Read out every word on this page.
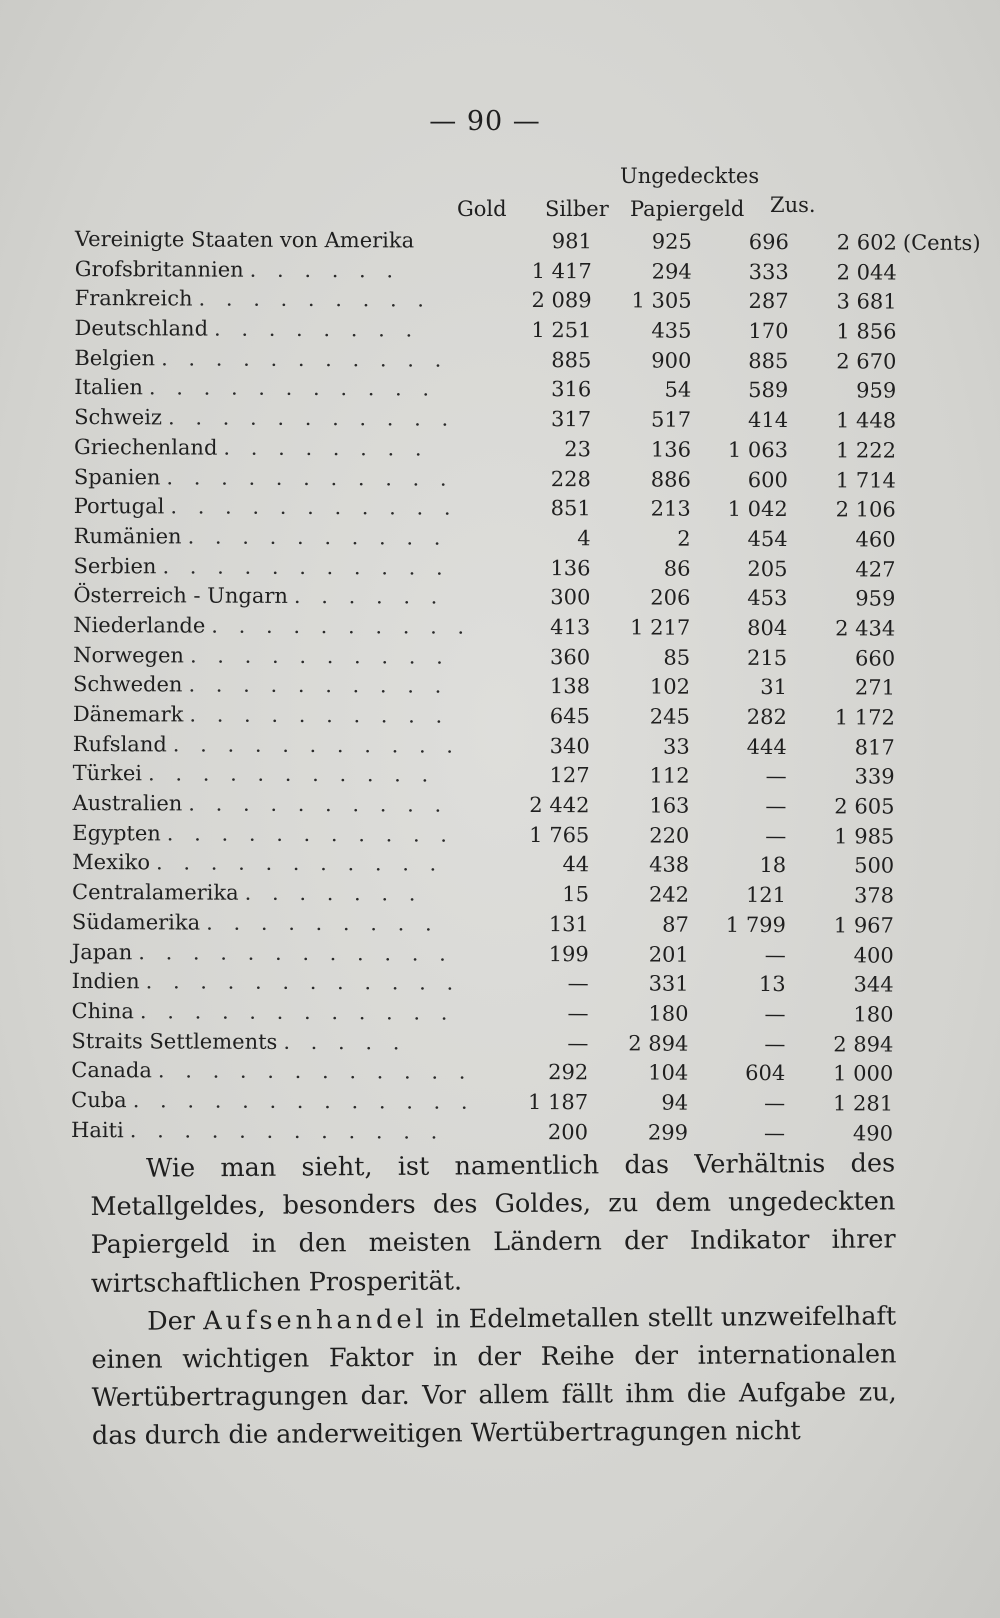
— 90 —
Ungedecktes
Gold Silber Papiergeld Zus.
Vereinigte Staaten von Amerika	981	925	696	2 602 (Cents)
Grofsbritannien . . . . . .	1 417	294	333	2 044
Frankreich . . . . . . . . .	2 089	1 305	287	3 681
Deutschland . . . . . . . .	1 251	435	170	1 856
Belgien . . . . . . . . . . .	885	900	885	2 670
Italien . . . . . . . . . . .	316	54	589	959
Schweiz . . . . . . . . . . .	317	517	414	1 448
Griechenland . . . . . . . .	23	136	1 063	1 222
Spanien . . . . . . . . . . .	228	886	600	1 714
Portugal . . . . . . . . . . .	851	213	1 042	2 106
Rumänien . . . . . . . . . .	4	2	454	460
Serbien . . . . . . . . . . .	136	86	205	427
Österreich - Ungarn . . . . . .	300	206	453	959
Niederlande . . . . . . . . . .	413	1 217	804	2 434
Norwegen . . . . . . . . . .	360	85	215	660
Schweden . . . . . . . . . .	138	102	31	271
Dänemark . . . . . . . . . .	645	245	282	1 172
Rufsland . . . . . . . . . . .	340	33	444	817
Türkei . . . . . . . . . . .	127	112	—	339
Australien . . . . . . . . . .	2 442	163	—	2 605
Egypten . . . . . . . . . . .	1 765	220	—	1 985
Mexiko . . . . . . . . . . .	44	438	18	500
Centralamerika . . . . . . .	15	242	121	378
Südamerika . . . . . . . . .	131	87	1 799	1 967
Japan . . . . . . . . . . . .	199	201	—	400
Indien . . . . . . . . . . . .	—	331	13	344
China . . . . . . . . . . . .	—	180	—	180
Straits Settlements . . . . .	—	2 894	—	2 894
Canada . . . . . . . . . . . .	292	104	604	1 000
Cuba . . . . . . . . . . . . .	1 187	94	—	1 281
Haiti . . . . . . . . . . . .	200	299	—	490

Wie man sieht, ist namentlich das Verhältnis des Metallgeldes, besonders des Goldes, zu dem ungedeckten Papiergeld in den meisten Ländern der Indikator ihrer wirtschaftlichen Prosperität.

Der Aufsenhandel in Edelmetallen stellt unzweifelhaft einen wichtigen Faktor in der Reihe der internationalen Wertübertragungen dar. Vor allem fällt ihm die Aufgabe zu, das durch die anderweitigen Wertübertragungen nicht
